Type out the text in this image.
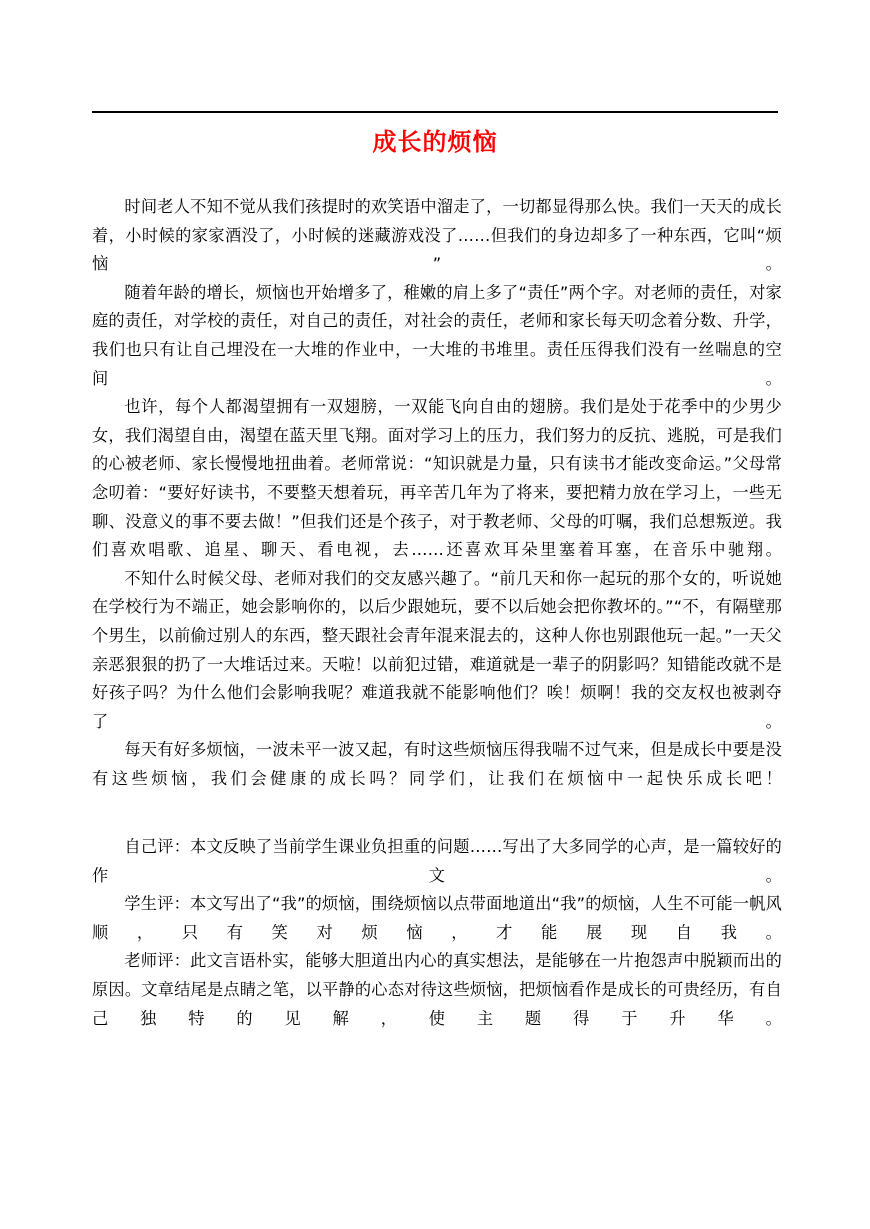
成长的烦恼

时间老人不知不觉从我们孩提时的欢笑语中溜走了，一切都显得那么快。我们一天天的成长着，小时候的家家酒没了，小时候的迷藏游戏没了……但我们的身边却多了一种东西，它叫“烦恼”。

随着年龄的增长，烦恼也开始增多了，稚嫩的肩上多了“责任”两个字。对老师的责任，对家庭的责任，对学校的责任，对自己的责任，对社会的责任，老师和家长每天叨念着分数、升学，我们也只有让自己埋没在一大堆的作业中，一大堆的书堆里。责任压得我们没有一丝喘息的空间。

也许，每个人都渴望拥有一双翅膀，一双能飞向自由的翅膀。我们是处于花季中的少男少女，我们渴望自由，渴望在蓝天里飞翔。面对学习上的压力，我们努力的反抗、逃脱，可是我们的心被老师、家长慢慢地扭曲着。老师常说：“知识就是力量，只有读书才能改变命运。”父母常念叨着：“要好好读书，不要整天想着玩，再辛苦几年为了将来，要把精力放在学习上，一些无聊、没意义的事不要去做！”但我们还是个孩子，对于教老师、父母的叮嘱，我们总想叛逆。我们喜欢唱歌、追星、聊天、看电视，去……还喜欢耳朵里塞着耳塞，在音乐中驰翔。

不知什么时候父母、老师对我们的交友感兴趣了。“前几天和你一起玩的那个女的，听说她在学校行为不端正，她会影响你的，以后少跟她玩，要不以后她会把你教坏的。”“不，有隔壁那个男生，以前偷过别人的东西，整天跟社会青年混来混去的，这种人你也别跟他玩一起。”一天父亲恶狠狠的扔了一大堆话过来。天啦！以前犯过错，难道就是一辈子的阴影吗？知错能改就不是好孩子吗？为什么他们会影响我呢？难道我就不能影响他们？唉！烦啊！我的交友权也被剥夺了。

每天有好多烦恼，一波未平一波又起，有时这些烦恼压得我喘不过气来，但是成长中要是没有这些烦恼，我们会健康的成长吗？同学们，让我们在烦恼中一起快乐成长吧！

自己评：本文反映了当前学生课业负担重的问题……写出了大多同学的心声，是一篇较好的作文。

学生评：本文写出了“我”的烦恼，围绕烦恼以点带面地道出“我”的烦恼，人生不可能一帆风顺，只有笑对烦恼，才能展现自我。

老师评：此文言语朴实，能够大胆道出内心的真实想法，是能够在一片抱怨声中脱颖而出的原因。文章结尾是点睛之笔，以平静的心态对待这些烦恼，把烦恼看作是成长的可贵经历，有自己独特的见解，使主题得于升华。
